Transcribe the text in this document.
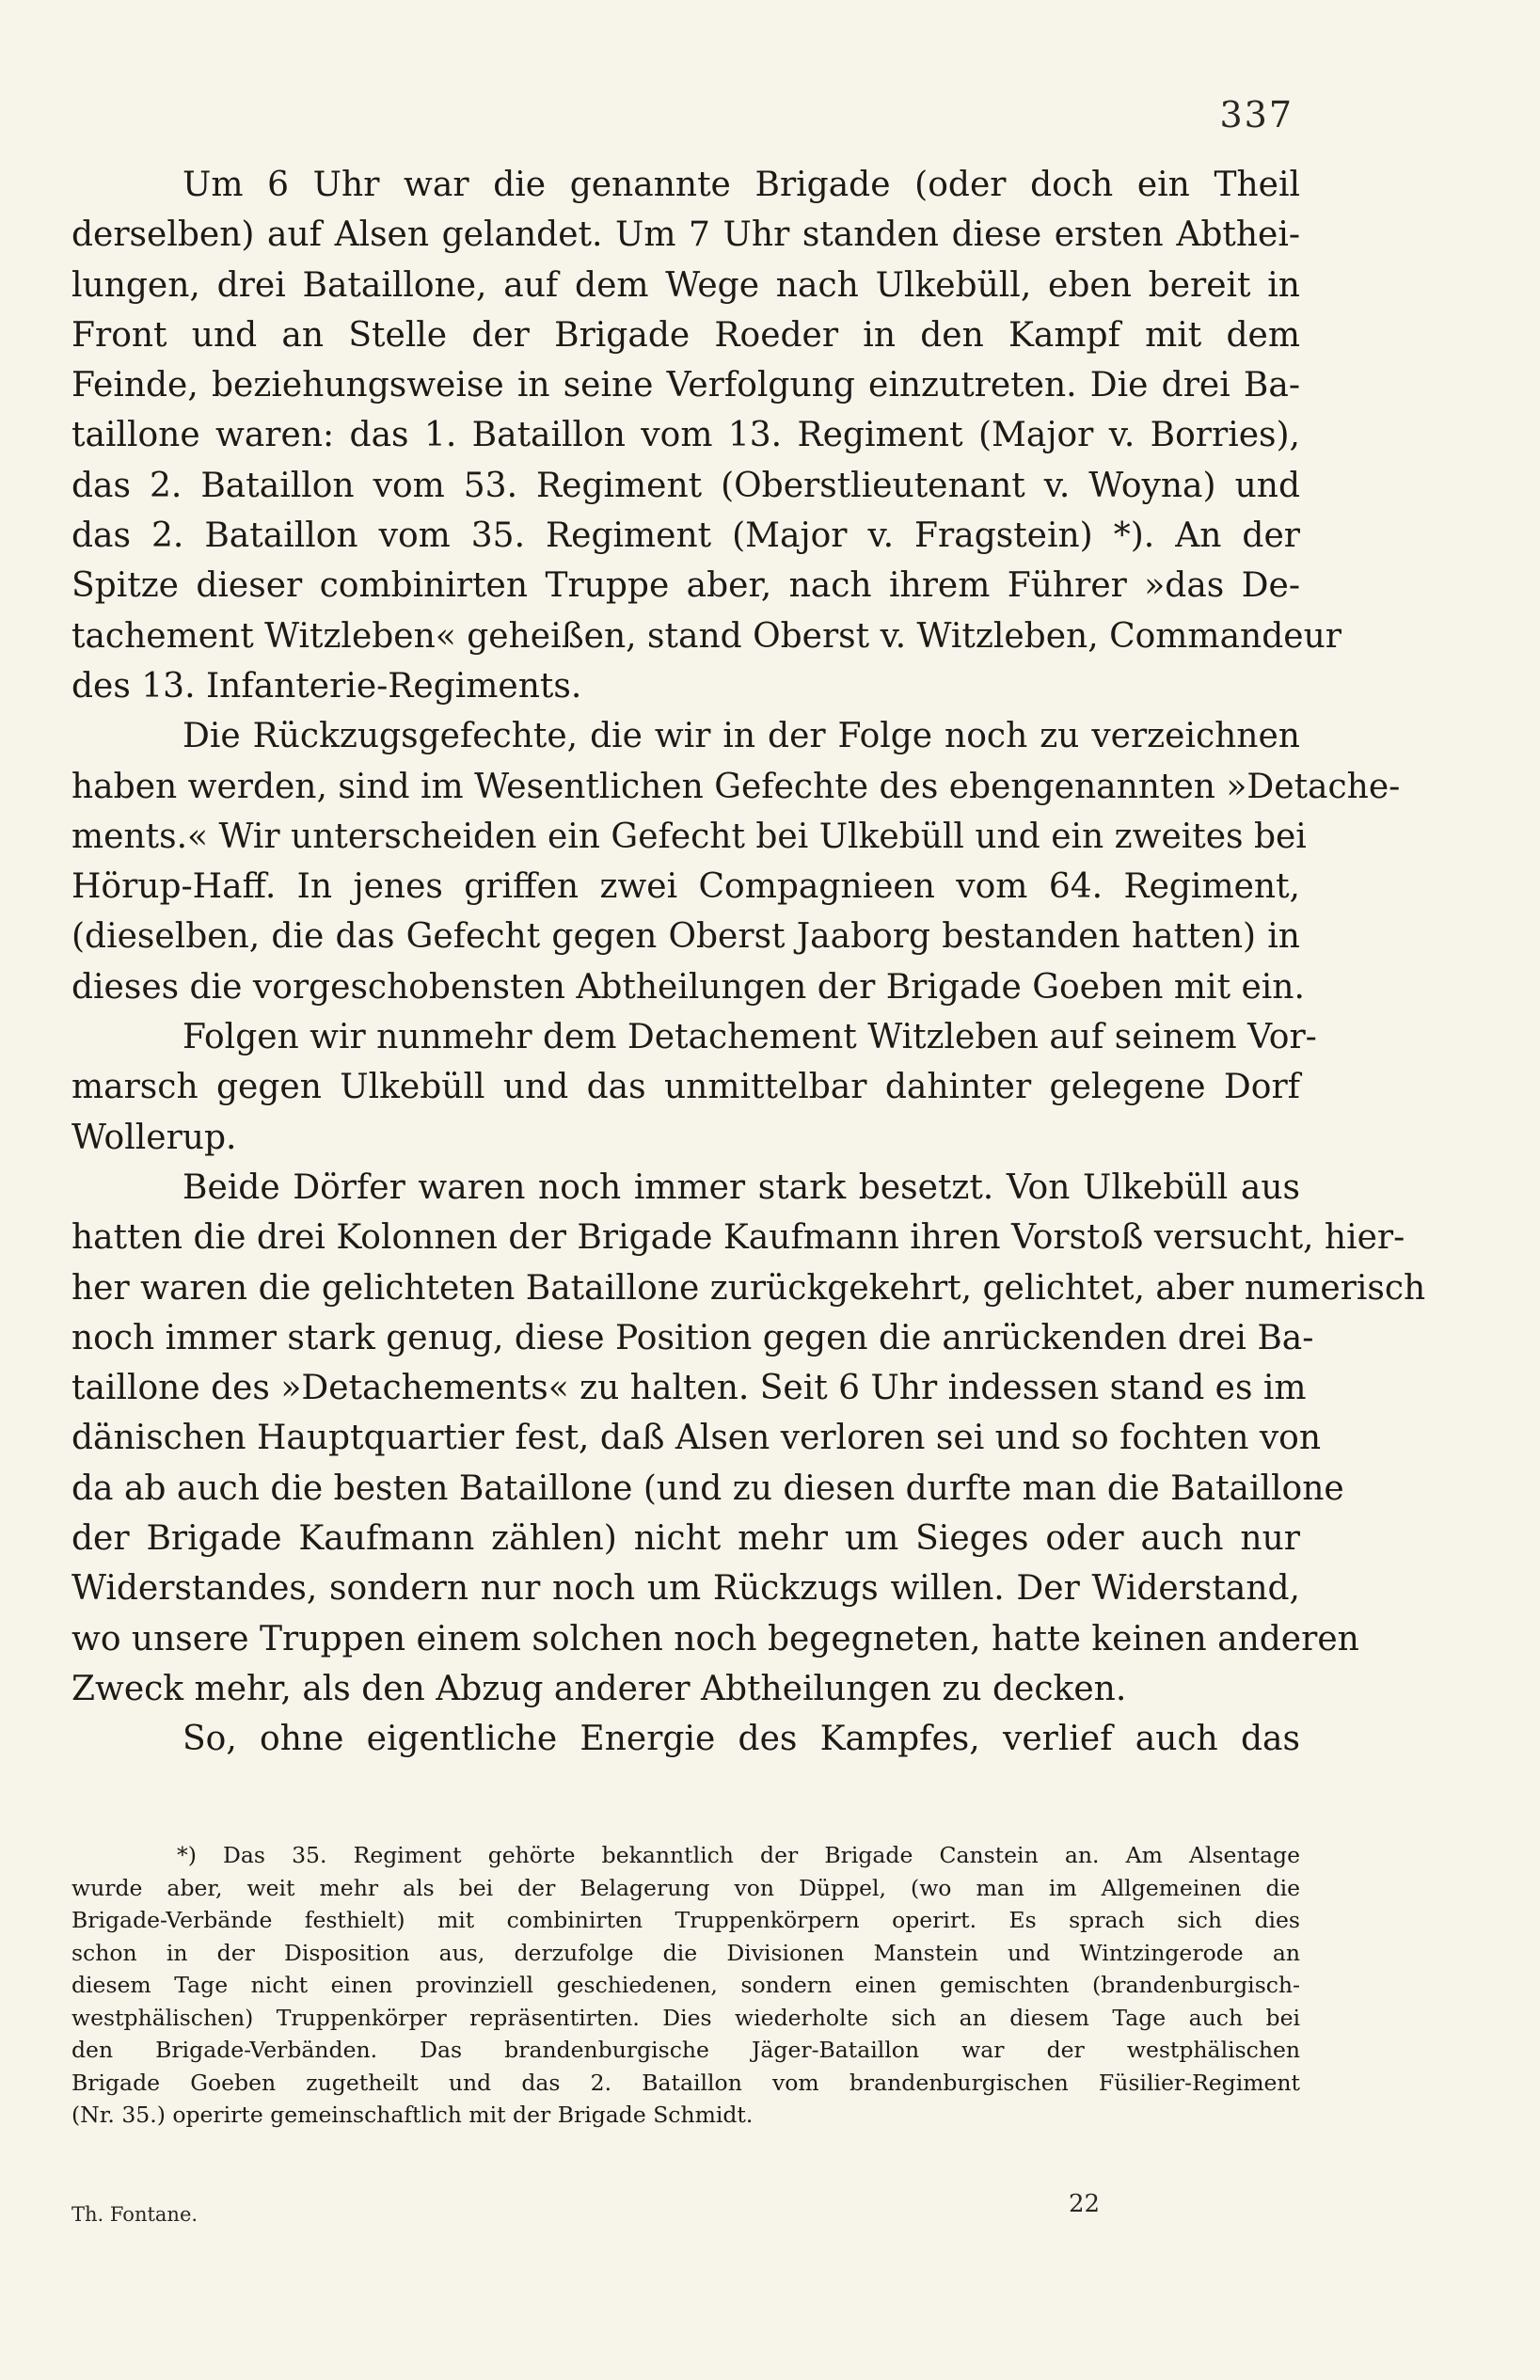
337
Um 6 Uhr war die genannte Brigade (oder doch ein Theil
derselben) auf Alsen gelandet. Um 7 Uhr standen diese ersten Abthei-
lungen, drei Bataillone, auf dem Wege nach Ulkebüll, eben bereit in
Front und an Stelle der Brigade Roeder in den Kampf mit dem
Feinde, beziehungsweise in seine Verfolgung einzutreten. Die drei Ba-
taillone waren: das 1. Bataillon vom 13. Regiment (Major v. Borries),
das 2. Bataillon vom 53. Regiment (Oberstlieutenant v. Woyna) und
das 2. Bataillon vom 35. Regiment (Major v. Fragstein) *). An der
Spitze dieser combinirten Truppe aber, nach ihrem Führer »das De-
tachement Witzleben« geheißen, stand Oberst v. Witzleben, Commandeur
des 13. Infanterie-Regiments.
Die Rückzugsgefechte, die wir in der Folge noch zu verzeichnen
haben werden, sind im Wesentlichen Gefechte des ebengenannten »Detache-
ments.« Wir unterscheiden ein Gefecht bei Ulkebüll und ein zweites bei
Hörup-Haff. In jenes griffen zwei Compagnieen vom 64. Regiment,
(dieselben, die das Gefecht gegen Oberst Jaaborg bestanden hatten) in
dieses die vorgeschobensten Abtheilungen der Brigade Goeben mit ein.
Folgen wir nunmehr dem Detachement Witzleben auf seinem Vor-
marsch gegen Ulkebüll und das unmittelbar dahinter gelegene Dorf
Wollerup.
Beide Dörfer waren noch immer stark besetzt. Von Ulkebüll aus
hatten die drei Kolonnen der Brigade Kaufmann ihren Vorstoß versucht, hier-
her waren die gelichteten Bataillone zurückgekehrt, gelichtet, aber numerisch
noch immer stark genug, diese Position gegen die anrückenden drei Ba-
taillone des »Detachements« zu halten. Seit 6 Uhr indessen stand es im
dänischen Hauptquartier fest, daß Alsen verloren sei und so fochten von
da ab auch die besten Bataillone (und zu diesen durfte man die Bataillone
der Brigade Kaufmann zählen) nicht mehr um Sieges oder auch nur
Widerstandes, sondern nur noch um Rückzugs willen. Der Widerstand,
wo unsere Truppen einem solchen noch begegneten, hatte keinen anderen
Zweck mehr, als den Abzug anderer Abtheilungen zu decken.
So, ohne eigentliche Energie des Kampfes, verlief auch das
*) Das 35. Regiment gehörte bekanntlich der Brigade Canstein an. Am Alsentage
wurde aber, weit mehr als bei der Belagerung von Düppel, (wo man im Allgemeinen die
Brigade-Verbände festhielt) mit combinirten Truppenkörpern operirt. Es sprach sich dies
schon in der Disposition aus, derzufolge die Divisionen Manstein und Wintzingerode an
diesem Tage nicht einen provinziell geschiedenen, sondern einen gemischten (brandenburgisch-
westphälischen) Truppenkörper repräsentirten. Dies wiederholte sich an diesem Tage auch bei
den Brigade-Verbänden. Das brandenburgische Jäger-Bataillon war der westphälischen
Brigade Goeben zugetheilt und das 2. Bataillon vom brandenburgischen Füsilier-Regiment
(Nr. 35.) operirte gemeinschaftlich mit der Brigade Schmidt.
Th. Fontane.	22
